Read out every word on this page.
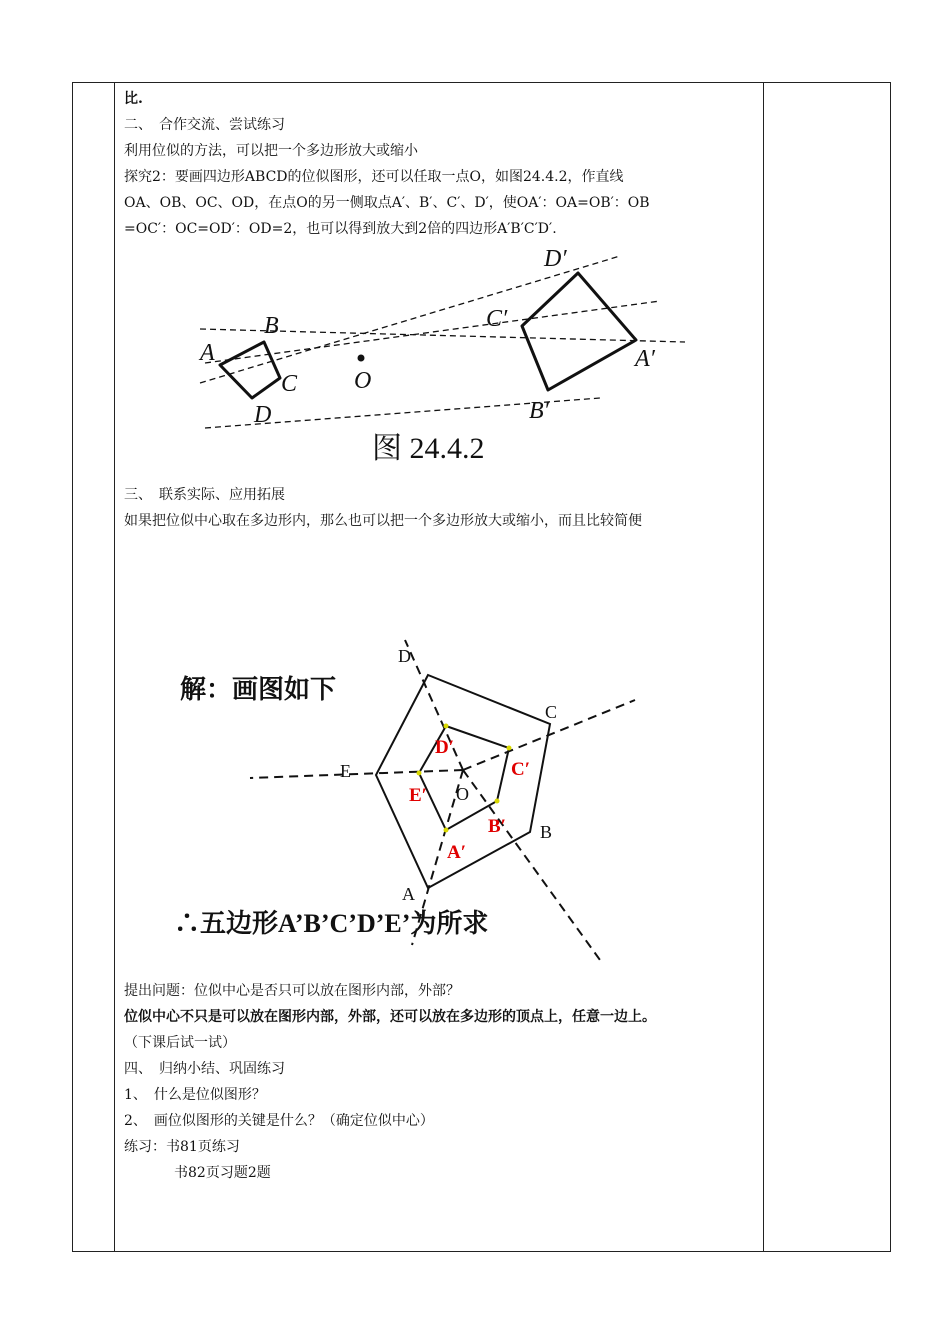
比.
二、　合作交流、尝试练习
利用位似的方法，可以把一个多边形放大或缩小
探究2：要画四边形ABCD的位似图形，还可以任取一点O，如图24.4.2，作直线
OA、OB、OC、OD，在点O的另一侧取点A′、B′、C′、D′，使OA′：OA=OB′：OB
=OC′：OC=OD′：OD=2，也可以得到放大到2倍的四边形A′B′C′D′.
A
B
C
D
O
A′
B′
C′
D′
图 24.4.2
三、　联系实际、应用拓展
如果把位似中心取在多边形内，那么也可以把一个多边形放大或缩小，而且比较简便
解：画图如下
D
C
B
A
E
O
D′
C′
B′
A′
E′
∴五边形A’B’C’D’E’为所求
提出问题：位似中心是否只可以放在图形内部，外部？
位似中心不只是可以放在图形内部，外部，还可以放在多边形的顶点上，任意一边上。
（下课后试一试）
四、　归纳小结、巩固练习
1、　什么是位似图形？
2、　画位似图形的关键是什么？（确定位似中心）
练习：书81页练习
书82页习题2题
